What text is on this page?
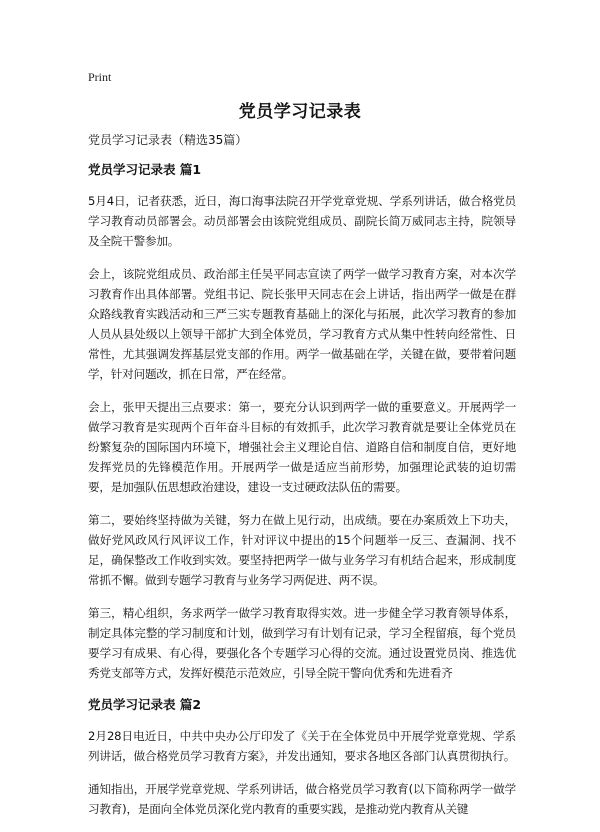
Print
党员学习记录表

党员学习记录表（精选35篇）

党员学习记录表 篇1

5月4日，记者获悉，近日，海口海事法院召开学党章党规、学系列讲话，做合格党员学习教育动员部署会。动员部署会由该院党组成员、副院长简万威同志主持，院领导及全院干警参加。

会上，该院党组成员、政治部主任吴平同志宣读了两学一做学习教育方案，对本次学习教育作出具体部署。党组书记、院长张甲天同志在会上讲话，指出两学一做是在群众路线教育实践活动和三严三实专题教育基础上的深化与拓展，此次学习教育的参加人员从县处级以上领导干部扩大到全体党员，学习教育方式从集中性转向经常性、日常性，尤其强调发挥基层党支部的作用。两学一做基础在学，关键在做，要带着问题学，针对问题改，抓在日常，严在经常。

会上，张甲天提出三点要求：第一，要充分认识到两学一做的重要意义。开展两学一做学习教育是实现两个百年奋斗目标的有效抓手，此次学习教育就是要让全体党员在纷繁复杂的国际国内环境下，增强社会主义理论自信、道路自信和制度自信，更好地发挥党员的先锋模范作用。开展两学一做是适应当前形势，加强理论武装的迫切需要，是加强队伍思想政治建设，建设一支过硬政法队伍的需要。

第二，要始终坚持做为关键，努力在做上见行动，出成绩。要在办案质效上下功夫，做好党风政风行风评议工作，针对评议中提出的15个问题举一反三、查漏洞、找不足，确保整改工作收到实效。要坚持把两学一做与业务学习有机结合起来，形成制度常抓不懈。做到专题学习教育与业务学习两促进、两不误。

第三，精心组织，务求两学一做学习教育取得实效。进一步健全学习教育领导体系，制定具体完整的学习制度和计划，做到学习有计划有记录，学习全程留痕，每个党员要学习有成果、有心得，要强化各个专题学习心得的交流。通过设置党员岗、推选优秀党支部等方式，发挥好模范示范效应，引导全院干警向优秀和先进看齐

党员学习记录表 篇2

2月28日电近日，中共中央办公厅印发了《关于在全体党员中开展学党章党规、学系列讲话，做合格党员学习教育方案》，并发出通知，要求各地区各部门认真贯彻执行。

通知指出，开展学党章党规、学系列讲话，做合格党员学习教育(以下简称两学一做学习教育)，是面向全体党员深化党内教育的重要实践，是推动党内教育从关键
